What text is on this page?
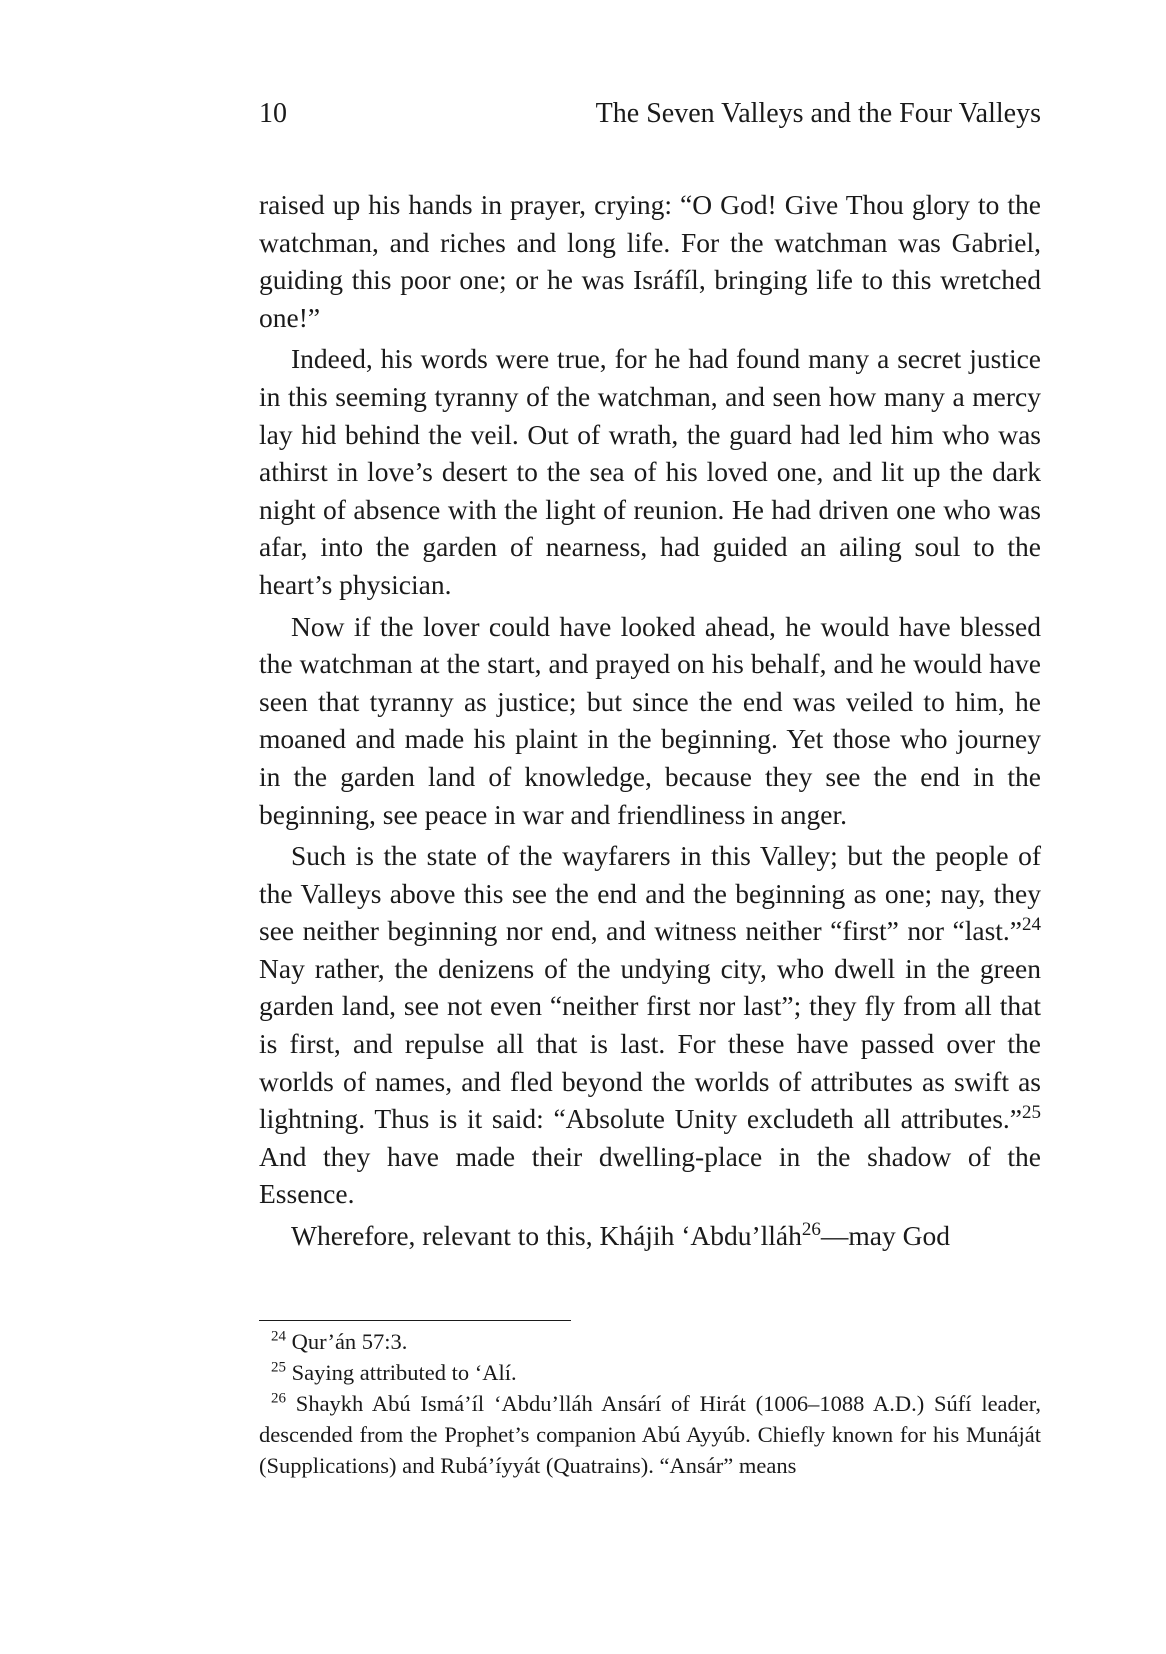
10	The Seven Valleys and the Four Valleys

raised up his hands in prayer, crying: “O God! Give Thou glory to the watchman, and riches and long life. For the watchman was Gabriel, guiding this poor one; or he was Isráfíl, bringing life to this wretched one!”

Indeed, his words were true, for he had found many a secret justice in this seeming tyranny of the watchman, and seen how many a mercy lay hid behind the veil. Out of wrath, the guard had led him who was athirst in love’s desert to the sea of his loved one, and lit up the dark night of absence with the light of reunion. He had driven one who was afar, into the garden of nearness, had guided an ailing soul to the heart’s physician.

Now if the lover could have looked ahead, he would have blessed the watchman at the start, and prayed on his behalf, and he would have seen that tyranny as justice; but since the end was veiled to him, he moaned and made his plaint in the beginning. Yet those who journey in the garden land of knowledge, because they see the end in the beginning, see peace in war and friendliness in anger.

Such is the state of the wayfarers in this Valley; but the people of the Valleys above this see the end and the beginning as one; nay, they see neither beginning nor end, and witness neither “first” nor “last.”$^{24}$ Nay rather, the denizens of the undying city, who dwell in the green garden land, see not even “neither first nor last”; they fly from all that is first, and repulse all that is last. For these have passed over the worlds of names, and fled beyond the worlds of attributes as swift as lightning. Thus is it said: “Absolute Unity excludeth all attributes.”$^{25}$ And they have made their dwelling-place in the shadow of the Essence.

Wherefore, relevant to this, Khájih ‘Abdu’lláh$^{26}$—may God

$^{24}$ Qur’án 57:3.

$^{25}$ Saying attributed to ‘Alí.

$^{26}$ Shaykh Abú Ismá’íl ‘Abdu’lláh Ansárí of Hirát (1006–1088 A.D.) Súfí leader, descended from the Prophet’s companion Abú Ayyúb. Chiefly known for his Munáját (Supplications) and Rubá’íyyát (Quatrains). “Ansár” means
